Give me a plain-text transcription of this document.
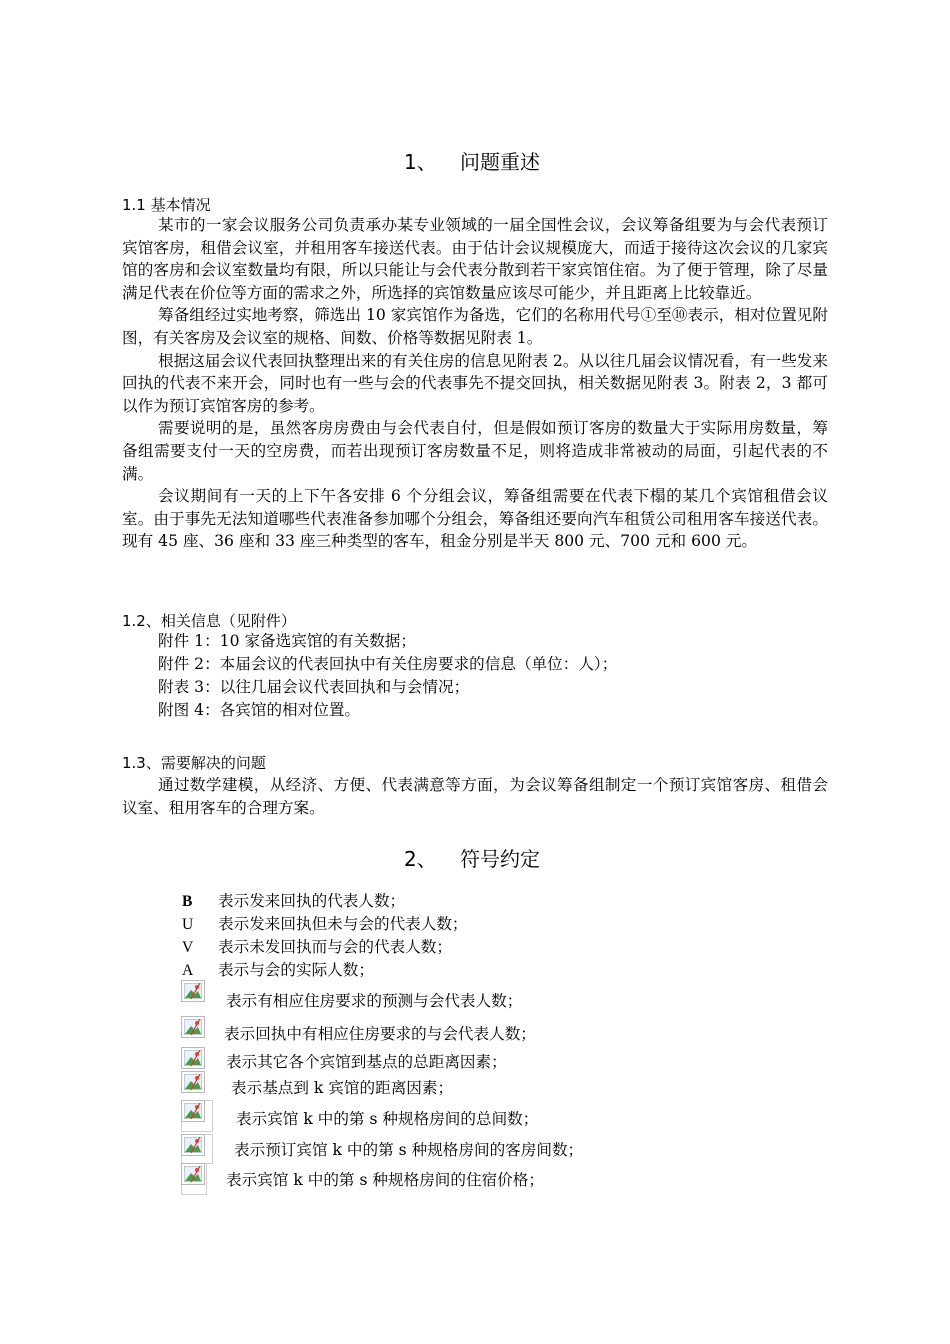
1、 问题重述
1.1 基本情况

某市的一家会议服务公司负责承办某专业领域的一届全国性会议，会议筹备组要为与会代表预订宾馆客房，租借会议室，并租用客车接送代表。由于估计会议规模庞大，而适于接待这次会议的几家宾馆的客房和会议室数量均有限，所以只能让与会代表分散到若干家宾馆住宿。为了便于管理，除了尽量满足代表在价位等方面的需求之外，所选择的宾馆数量应该尽可能少，并且距离上比较靠近。

筹备组经过实地考察，筛选出 10 家宾馆作为备选，它们的名称用代号①至⑩表示，相对位置见附图，有关客房及会议室的规格、间数、价格等数据见附表 1。

根据这届会议代表回执整理出来的有关住房的信息见附表 2。从以往几届会议情况看，有一些发来回执的代表不来开会，同时也有一些与会的代表事先不提交回执，相关数据见附表 3。附表 2，3 都可以作为预订宾馆客房的参考。

需要说明的是，虽然客房房费由与会代表自付，但是假如预订客房的数量大于实际用房数量，筹备组需要支付一天的空房费，而若出现预订客房数量不足，则将造成非常被动的局面，引起代表的不满。

会议期间有一天的上下午各安排 6 个分组会议，筹备组需要在代表下榻的某几个宾馆租借会议室。由于事先无法知道哪些代表准备参加哪个分组会，筹备组还要向汽车租赁公司租用客车接送代表。现有 45 座、36 座和 33 座三种类型的客车，租金分别是半天 800 元、700 元和 600 元。

1.2、相关信息（见附件）
附件 1：10 家备选宾馆的有关数据；
附件 2：本届会议的代表回执中有关住房要求的信息（单位：人）；
附表 3：以往几届会议代表回执和与会情况；
附图 4：各宾馆的相对位置。
1.3、需要解决的问题

通过数学建模，从经济、方便、代表满意等方面，为会议筹备组制定一个预订宾馆客房、租借会议室、租用客车的合理方案。

2、 符号约定
B 表示发来回执的代表人数；
U 表示发来回执但未与会的代表人数；
V 表示未发回执而与会的代表人数；
A 表示与会的实际人数；
表示有相应住房要求的预测与会代表人数；
表示回执中有相应住房要求的与会代表人数；
表示其它各个宾馆到基点的总距离因素；
表示基点到 k 宾馆的距离因素；
表示宾馆 k 中的第 s 种规格房间的总间数；
表示预订宾馆 k 中的第 s 种规格房间的客房间数；
表示宾馆 k 中的第 s 种规格房间的住宿价格；
